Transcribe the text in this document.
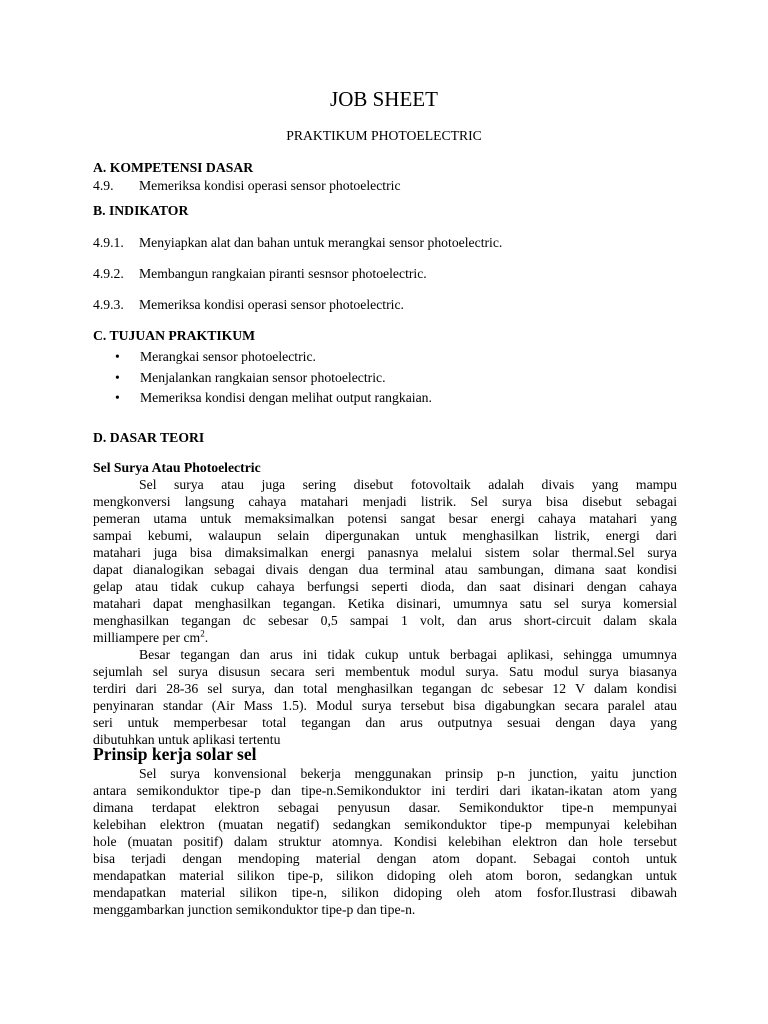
JOB SHEET
PRAKTIKUM PHOTOELECTRIC
A. KOMPETENSI DASAR
4.9. Memeriksa kondisi operasi sensor photoelectric
B. INDIKATOR
4.9.1. Menyiapkan alat dan bahan untuk merangkai sensor photoelectric.
4.9.2. Membangun rangkaian piranti sesnsor photoelectric.
4.9.3. Memeriksa kondisi operasi sensor photoelectric.
C. TUJUAN PRAKTIKUM
• Merangkai sensor photoelectric.
• Menjalankan rangkaian sensor photoelectric.
• Memeriksa kondisi dengan melihat output rangkaian.
D. DASAR TEORI
Sel Surya Atau Photoelectric
Sel surya atau juga sering disebut fotovoltaik adalah divais yang mampu
mengkonversi langsung cahaya matahari menjadi listrik. Sel surya bisa disebut sebagai
pemeran utama untuk memaksimalkan potensi sangat besar energi cahaya matahari yang
sampai kebumi, walaupun selain dipergunakan untuk menghasilkan listrik, energi dari
matahari juga bisa dimaksimalkan energi panasnya melalui sistem solar thermal.Sel surya
dapat dianalogikan sebagai divais dengan dua terminal atau sambungan, dimana saat kondisi
gelap atau tidak cukup cahaya berfungsi seperti dioda, dan saat disinari dengan cahaya
matahari dapat menghasilkan tegangan. Ketika disinari, umumnya satu sel surya komersial
menghasilkan tegangan dc sebesar 0,5 sampai 1 volt, dan arus short-circuit dalam skala
milliampere per $cm^2$.
Besar tegangan dan arus ini tidak cukup untuk berbagai aplikasi, sehingga umumnya
sejumlah sel surya disusun secara seri membentuk modul surya. Satu modul surya biasanya
terdiri dari 28-36 sel surya, dan total menghasilkan tegangan dc sebesar 12 V dalam kondisi
penyinaran standar (Air Mass 1.5). Modul surya tersebut bisa digabungkan secara paralel atau
seri untuk memperbesar total tegangan dan arus outputnya sesuai dengan daya yang
dibutuhkan untuk aplikasi tertentu
Prinsip kerja solar sel
Sel surya konvensional bekerja menggunakan prinsip p-n junction, yaitu junction
antara semikonduktor tipe-p dan tipe-n.Semikonduktor ini terdiri dari ikatan-ikatan atom yang
dimana terdapat elektron sebagai penyusun dasar. Semikonduktor tipe-n mempunyai
kelebihan elektron (muatan negatif) sedangkan semikonduktor tipe-p mempunyai kelebihan
hole (muatan positif) dalam struktur atomnya. Kondisi kelebihan elektron dan hole tersebut
bisa terjadi dengan mendoping material dengan atom dopant. Sebagai contoh untuk
mendapatkan material silikon tipe-p, silikon didoping oleh atom boron, sedangkan untuk
mendapatkan material silikon tipe-n, silikon didoping oleh atom fosfor.Ilustrasi dibawah
menggambarkan junction semikonduktor tipe-p dan tipe-n.
